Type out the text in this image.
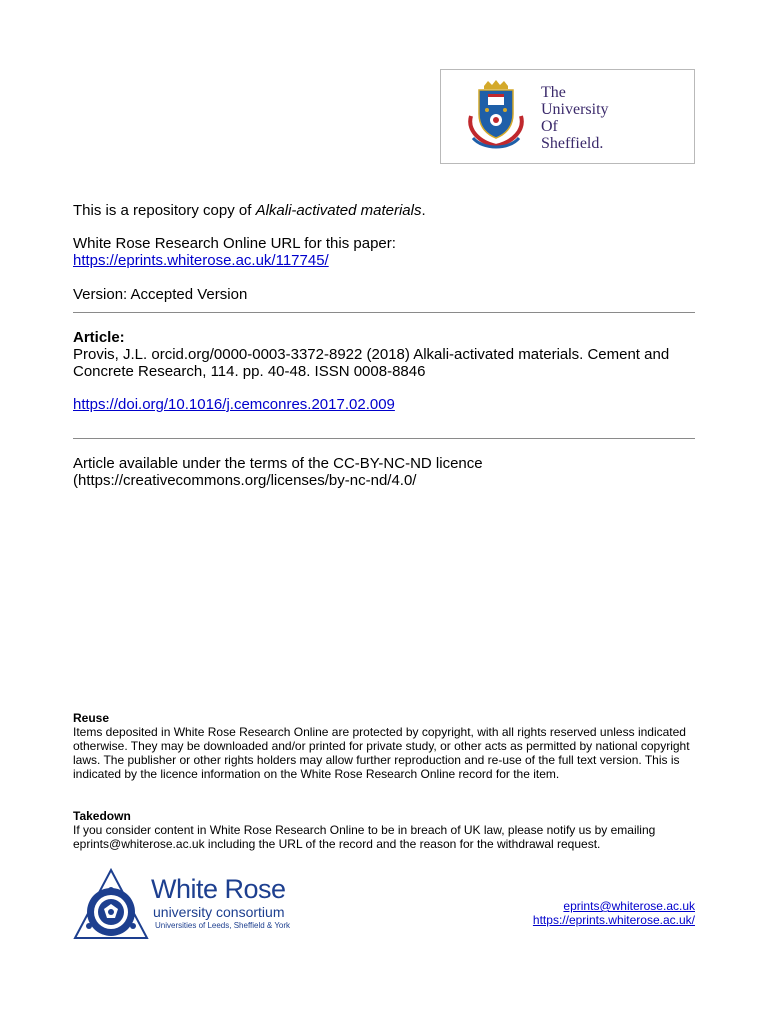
The
University
Of
Sheffield.
This is a repository copy of Alkali-activated materials.
White Rose Research Online URL for this paper:
https://eprints.whiterose.ac.uk/117745/
Version: Accepted Version
Article:
Provis, J.L. orcid.org/0000-0003-3372-8922 (2018) Alkali-activated materials. Cement and Concrete Research, 114. pp. 40-48. ISSN 0008-8846
https://doi.org/10.1016/j.cemconres.2017.02.009
Article available under the terms of the CC-BY-NC-ND licence
(https://creativecommons.org/licenses/by-nc-nd/4.0/
Reuse
Items deposited in White Rose Research Online are protected by copyright, with all rights reserved unless indicated otherwise. They may be downloaded and/or printed for private study, or other acts as permitted by national copyright laws. The publisher or other rights holders may allow further reproduction and re-use of the full text version. This is indicated by the licence information on the White Rose Research Online record for the item.
Takedown
If you consider content in White Rose Research Online to be in breach of UK law, please notify us by emailing eprints@whiterose.ac.uk including the URL of the record and the reason for the withdrawal request.
White Rose
university consortium
Universities of Leeds, Sheffield & York
eprints@whiterose.ac.uk
https://eprints.whiterose.ac.uk/
